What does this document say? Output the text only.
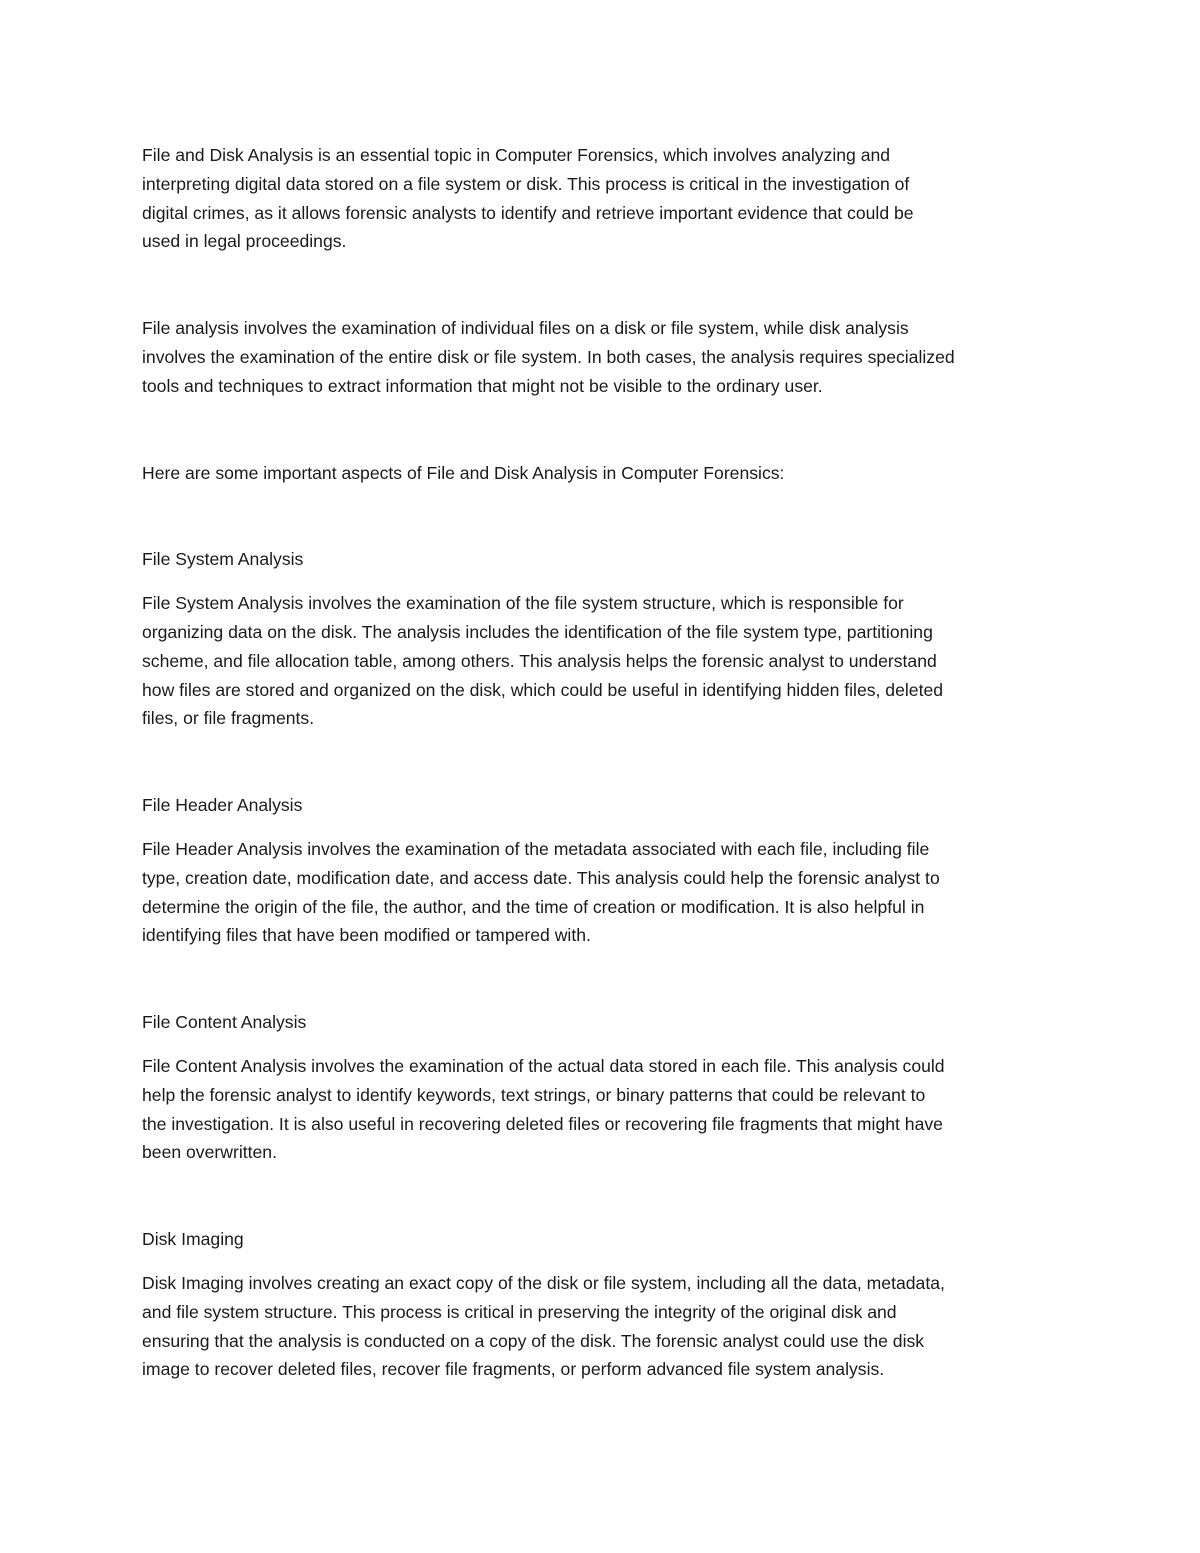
File and Disk Analysis is an essential topic in Computer Forensics, which involves analyzing and
interpreting digital data stored on a file system or disk. This process is critical in the investigation of
digital crimes, as it allows forensic analysts to identify and retrieve important evidence that could be
used in legal proceedings.

File analysis involves the examination of individual files on a disk or file system, while disk analysis
involves the examination of the entire disk or file system. In both cases, the analysis requires specialized
tools and techniques to extract information that might not be visible to the ordinary user.

Here are some important aspects of File and Disk Analysis in Computer Forensics:

File System Analysis

File System Analysis involves the examination of the file system structure, which is responsible for
organizing data on the disk. The analysis includes the identification of the file system type, partitioning
scheme, and file allocation table, among others. This analysis helps the forensic analyst to understand
how files are stored and organized on the disk, which could be useful in identifying hidden files, deleted
files, or file fragments.

File Header Analysis

File Header Analysis involves the examination of the metadata associated with each file, including file
type, creation date, modification date, and access date. This analysis could help the forensic analyst to
determine the origin of the file, the author, and the time of creation or modification. It is also helpful in
identifying files that have been modified or tampered with.

File Content Analysis

File Content Analysis involves the examination of the actual data stored in each file. This analysis could
help the forensic analyst to identify keywords, text strings, or binary patterns that could be relevant to
the investigation. It is also useful in recovering deleted files or recovering file fragments that might have
been overwritten.

Disk Imaging

Disk Imaging involves creating an exact copy of the disk or file system, including all the data, metadata,
and file system structure. This process is critical in preserving the integrity of the original disk and
ensuring that the analysis is conducted on a copy of the disk. The forensic analyst could use the disk
image to recover deleted files, recover file fragments, or perform advanced file system analysis.
